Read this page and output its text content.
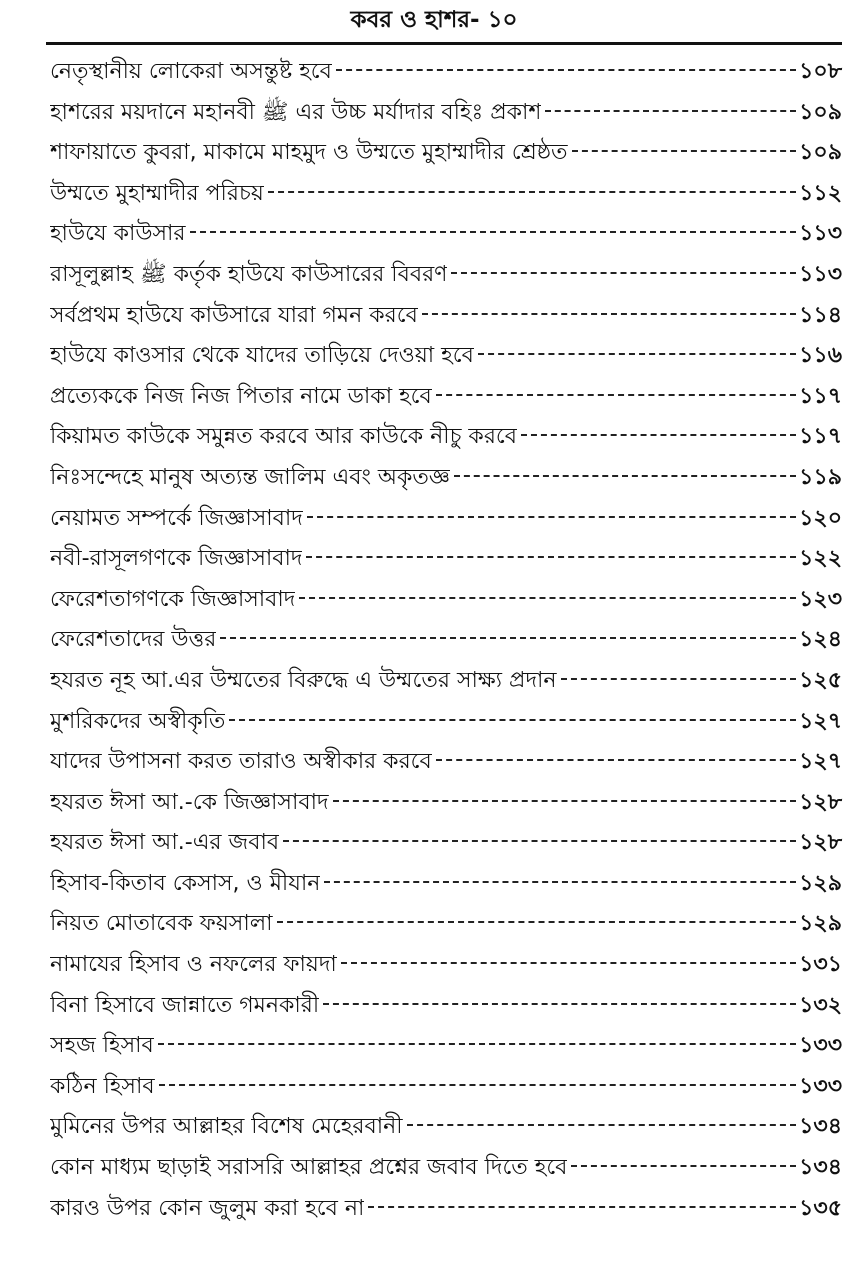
কবর ও হাশর- ১০
নেতৃস্থানীয় লোকেরা অসন্তুষ্ট হবে	১০৮
হাশরের ময়দানে মহানবী ﷺ এর উচ্চ মর্যাদার বহিঃ প্রকাশ	১০৯
শাফায়াতে কুবরা, মাকামে মাহমুদ ও উম্মতে মুহাম্মাদীর শ্রেষ্ঠত	১০৯
উম্মতে মুহাম্মাদীর পরিচয়	১১২
হাউযে কাউসার	১১৩
রাসূলুল্লাহ ﷺ কর্তৃক হাউযে কাউসারের বিবরণ	১১৩
সর্বপ্রথম হাউযে কাউসারে যারা গমন করবে	১১৪
হাউযে কাওসার থেকে যাদের তাড়িয়ে দেওয়া হবে	১১৬
প্রত্যেককে নিজ নিজ পিতার নামে ডাকা হবে	১১৭
কিয়ামত কাউকে সমুন্নত করবে আর কাউকে নীচু করবে	১১৭
নিঃসন্দেহে মানুষ অত্যন্ত জালিম এবং অকৃতজ্ঞ	১১৯
নেয়ামত সম্পর্কে জিজ্ঞাসাবাদ	১২০
নবী-রাসূলগণকে জিজ্ঞাসাবাদ	১২২
ফেরেশতাগণকে জিজ্ঞাসাবাদ	১২৩
ফেরেশতাদের উত্তর	১২৪
হযরত নূহ আ.এর উম্মতের বিরুদ্ধে এ উম্মতের সাক্ষ্য প্রদান	১২৫
মুশরিকদের অস্বীকৃতি	১২৭
যাদের উপাসনা করত তারাও অস্বীকার করবে	১২৭
হযরত ঈসা আ.-কে জিজ্ঞাসাবাদ	১২৮
হযরত ঈসা আ.-এর জবাব	১২৮
হিসাব-কিতাব কেসাস, ও মীযান	১২৯
নিয়ত মোতাবেক ফয়সালা	১২৯
নামাযের হিসাব ও নফলের ফায়দা	১৩১
বিনা হিসাবে জান্নাতে গমনকারী	১৩২
সহজ হিসাব	১৩৩
কঠিন হিসাব	১৩৩
মুমিনের উপর আল্লাহর বিশেষ মেহেরবানী	১৩৪
কোন মাধ্যম ছাড়াই সরাসরি আল্লাহর প্রশ্নের জবাব দিতে হবে	১৩৪
কারও উপর কোন জুলুম করা হবে না	১৩৫
